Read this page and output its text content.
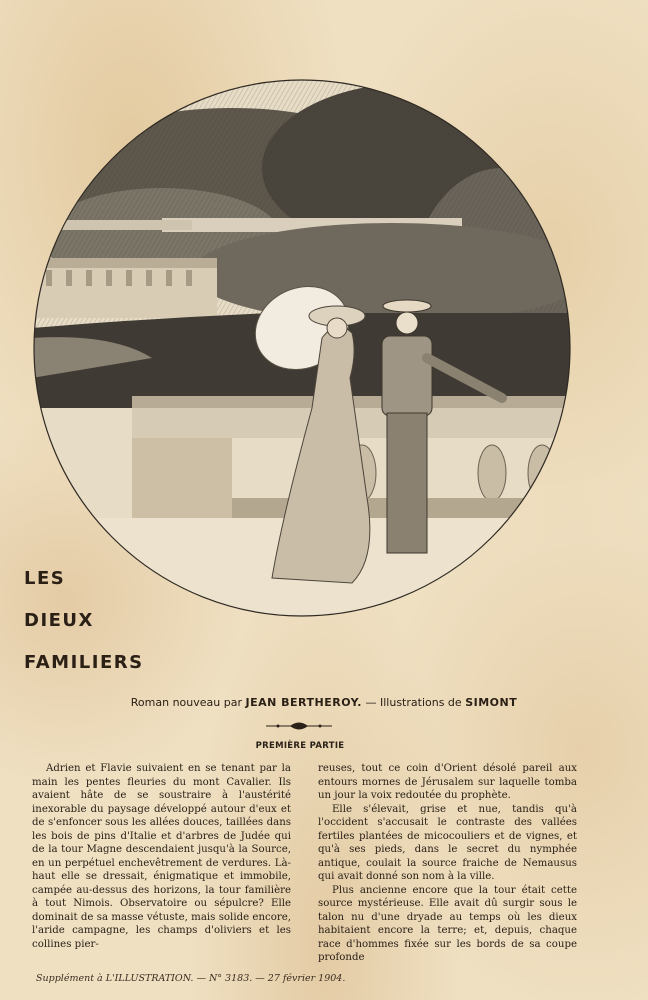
LES
DIEUX
FAMILIERS
Roman nouveau par JEAN BERTHEROY. — Illustrations de SIMONT
PREMIÈRE PARTIE

Adrien et Flavie suivaient en se tenant par la main les pentes fleuries du mont Cavalier. Ils avaient hâte de se soustraire à l'austérité inexorable du paysage développé autour d'eux et de s'enfoncer sous les allées douces, taillées dans les bois de pins d'Italie et d'arbres de Judée qui de la tour Magne descendaient jusqu'à la Source, en un perpétuel enchevêtrement de verdures. Là-haut elle se dressait, énigmatique et immobile, campée au-dessus des horizons, la tour familière à tout Nimois. Observatoire ou sépulcre? Elle dominait de sa masse vétuste, mais solide encore, l'aride campagne, les champs d'oliviers et les collines pier-

reuses, tout ce coin d'Orient désolé pareil aux entours mornes de Jérusalem sur laquelle tomba un jour la voix redoutée du prophète.

Elle s'élevait, grise et nue, tandis qu'à l'occident s'accusait le contraste des vallées fertiles plantées de micocouliers et de vignes, et qu'à ses pieds, dans le secret du nymphée antique, coulait la source fraiche de Nemausus qui avait donné son nom à la ville.

Plus ancienne encore que la tour était cette source mystérieuse. Elle avait dû surgir sous le talon nu d'une dryade au temps où les dieux habitaient encore la terre; et, depuis, chaque race d'hommes fixée sur les bords de sa coupe profonde

Supplément à L'ILLUSTRATION. — N° 3183. — 27 février 1904.
